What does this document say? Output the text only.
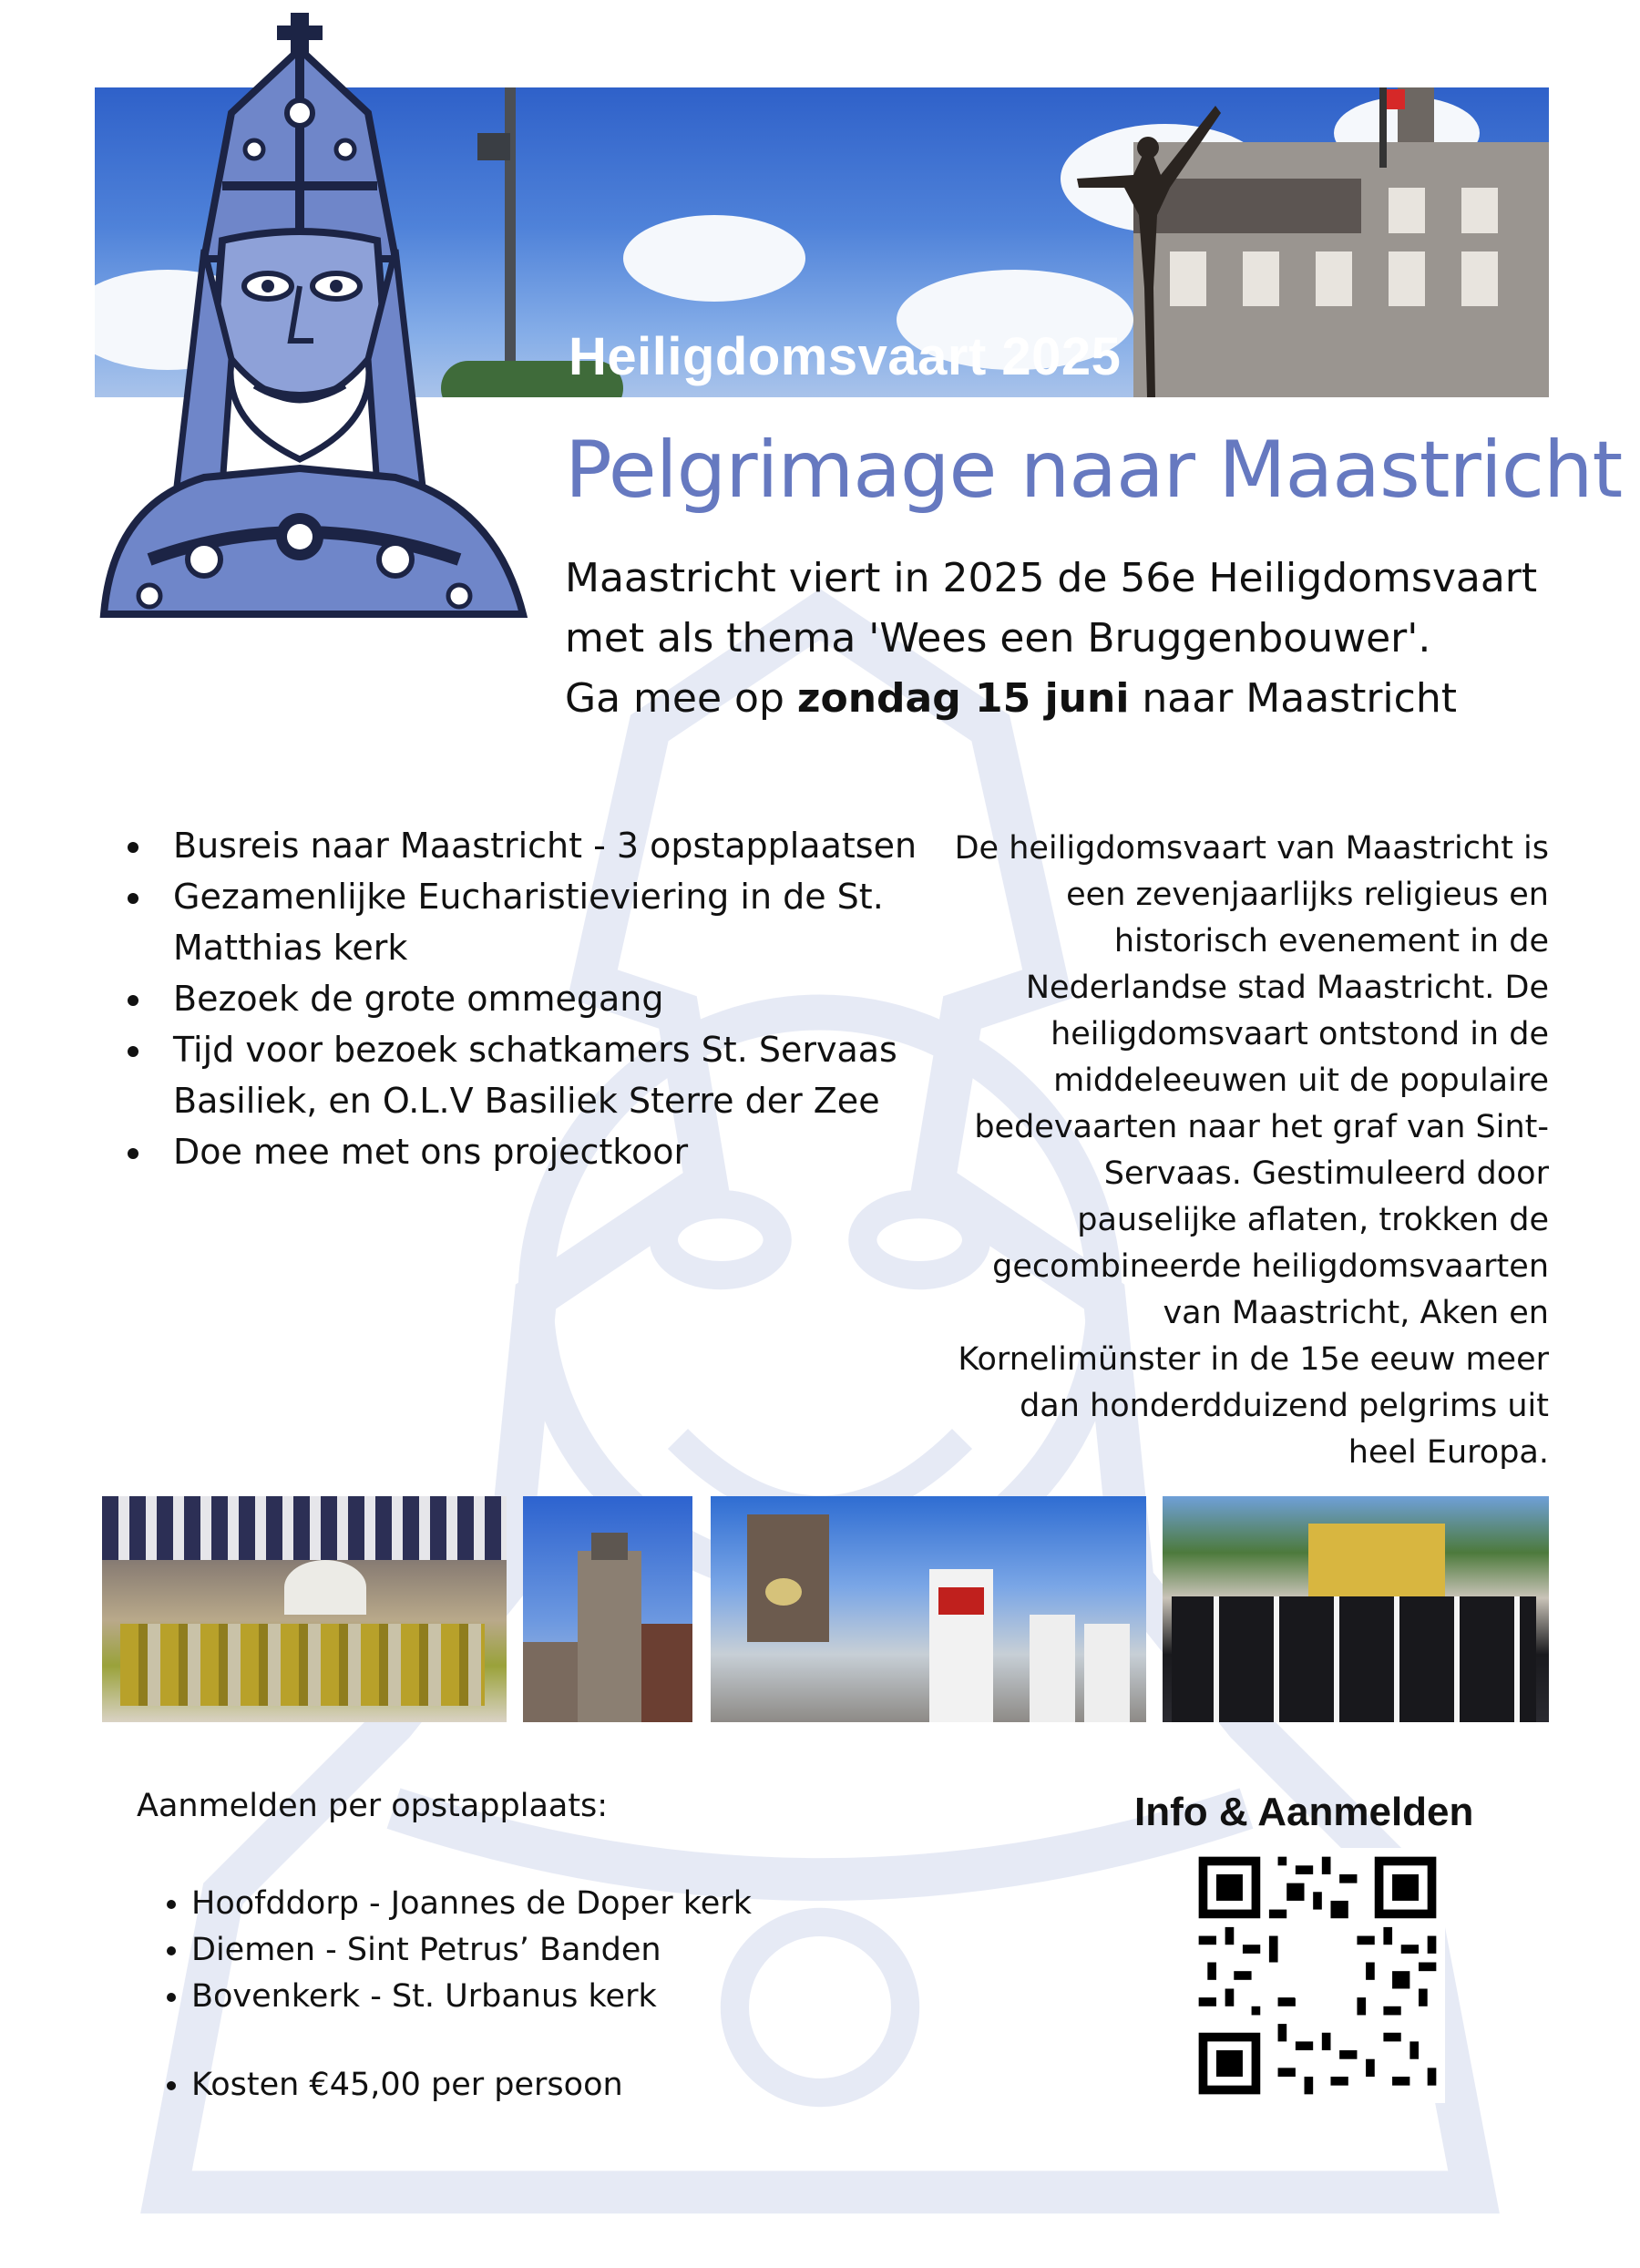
Heiligdomsvaart 2025
Pelgrimage naar Maastricht
Maastricht viert in 2025 de 56e Heiligdomsvaart
met als thema 'Wees een Bruggenbouwer'.
Ga mee op zondag 15 juni naar Maastricht
• Busreis naar Maastricht - 3 opstapplaatsen
• Gezamenlijke Eucharistieviering in de St. Matthias kerk
• Bezoek de grote ommegang
• Tijd voor bezoek schatkamers St. Servaas Basiliek, en O.L.V Basiliek Sterre der Zee
• Doe mee met ons projectkoor
De heiligdomsvaart van Maastricht is een zevenjaarlijks religieus en historisch evenement in de Nederlandse stad Maastricht. De heiligdomsvaart ontstond in de middeleeuwen uit de populaire bedevaarten naar het graf van Sint-Servaas. Gestimuleerd door pauselijke aflaten, trokken de gecombineerde heiligdomsvaarten van Maastricht, Aken en Kornelimünster in de 15e eeuw meer dan honderdduizend pelgrims uit heel Europa.
Aanmelden per opstapplaats:
• Hoofddorp - Joannes de Doper kerk
• Diemen - Sint Petrus’ Banden
• Bovenkerk - St. Urbanus kerk
• Kosten €45,00 per persoon
Info & Aanmelden
